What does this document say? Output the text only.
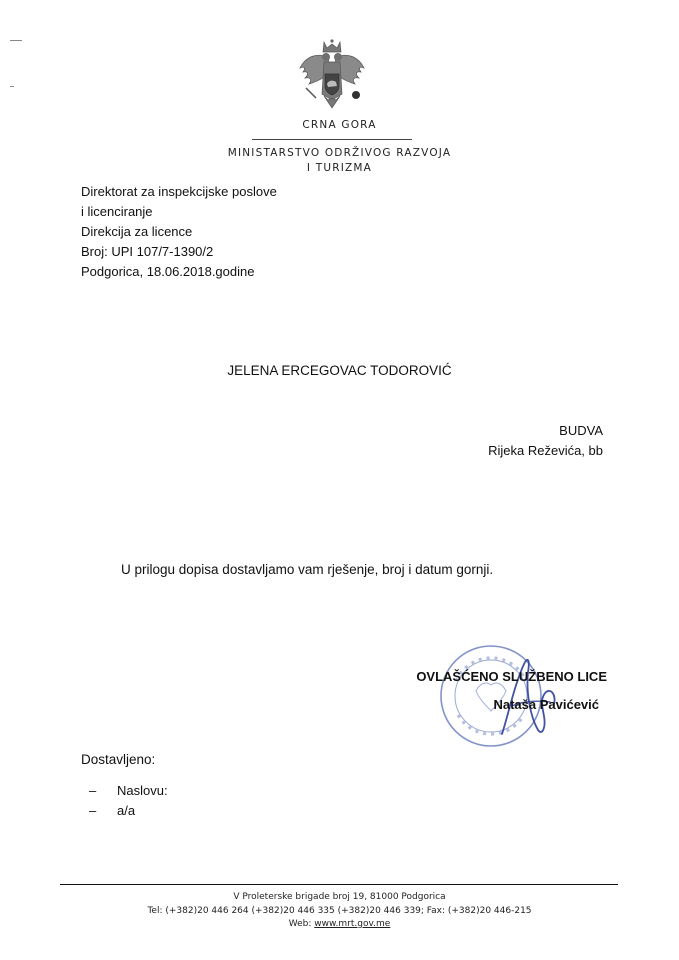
CRNA GORA
MINISTARSTVO ODRŽIVOG RAZVOJA
I TURIZMA
Direktorat za inspekcijske poslove
i licenciranje
Direkcija za licence
Broj: UPI 107/7-1390/2
Podgorica, 18.06.2018.godine
JELENA ERCEGOVAC TODOROVIĆ
BUDVA
Rijeka Reževića, bb
U prilogu dopisa dostavljamo vam rješenje, broj i datum gornji.
OVLAŠĆENO SLUŽBENO LICE
Nataša Pavićević
Dostavljeno:
–	Naslovu:
–	a/a
V Proleterske brigade broj 19, 81000 Podgorica
Tel: (+382)20 446 264 (+382)20 446 335 (+382)20 446 339; Fax: (+382)20 446-215
Web: www.mrt.gov.me
